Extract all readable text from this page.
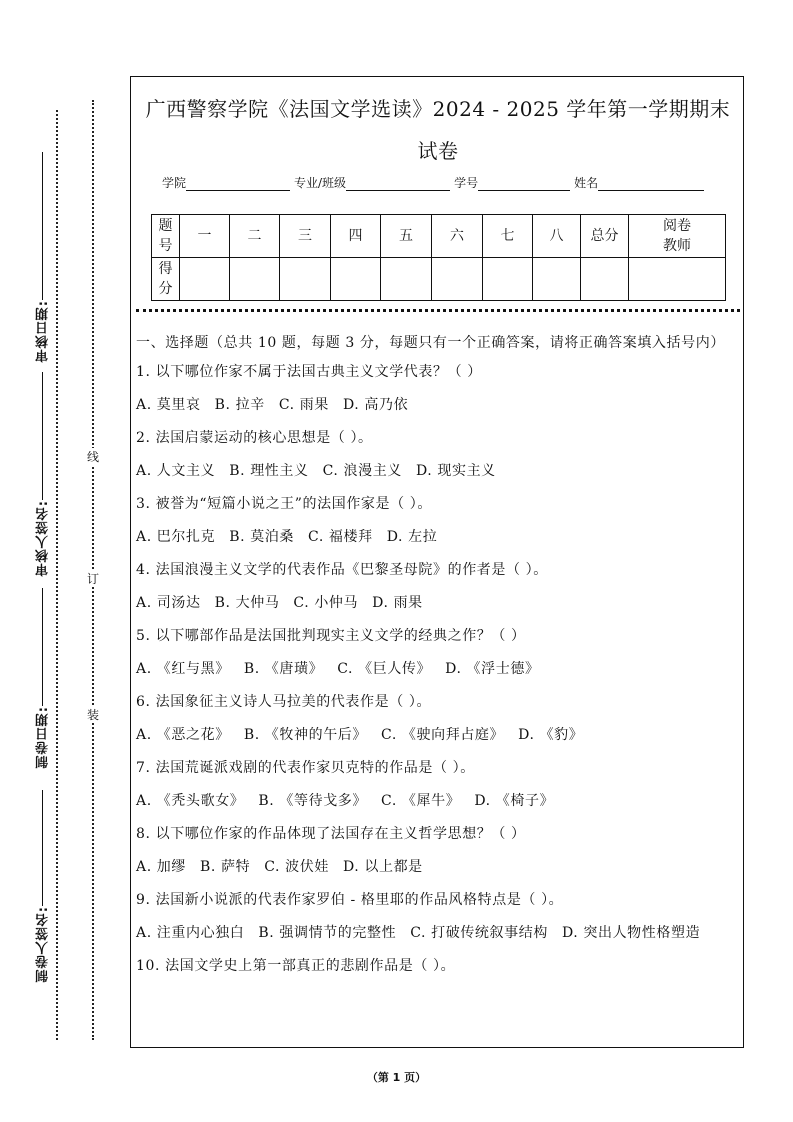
审核日期:
审核人签名:
制卷日期:
制卷人签名:
线
订
装
广西警察学院《法国文学选读》2024 - 2025 学年第一学期期末试卷
学院	专业/班级	学号	姓名
题号	一	二	三	四	五	六	七	八	总分	阅卷教师
得分										

一、选择题（总共 10 题，每题 3 分，每题只有一个正确答案，请将正确答案填入括号内）

1. 以下哪位作家不属于法国古典主义文学代表？（ ）

A. 莫里哀 B. 拉辛 C. 雨果 D. 高乃依

2. 法国启蒙运动的核心思想是（ ）。

A. 人文主义 B. 理性主义 C. 浪漫主义 D. 现实主义

3. 被誉为“短篇小说之王”的法国作家是（ ）。

A. 巴尔扎克 B. 莫泊桑 C. 福楼拜 D. 左拉

4. 法国浪漫主义文学的代表作品《巴黎圣母院》的作者是（ ）。

A. 司汤达 B. 大仲马 C. 小仲马 D. 雨果

5. 以下哪部作品是法国批判现实主义文学的经典之作？（ ）

A. 《红与黑》 B. 《唐璜》 C. 《巨人传》 D. 《浮士德》

6. 法国象征主义诗人马拉美的代表作是（ ）。

A. 《恶之花》 B. 《牧神的午后》 C. 《驶向拜占庭》 D. 《豹》

7. 法国荒诞派戏剧的代表作家贝克特的作品是（ ）。

A. 《秃头歌女》 B. 《等待戈多》 C. 《犀牛》 D. 《椅子》

8. 以下哪位作家的作品体现了法国存在主义哲学思想？（ ）

A. 加缪 B. 萨特 C. 波伏娃 D. 以上都是

9. 法国新小说派的代表作家罗伯 - 格里耶的作品风格特点是（ ）。

A. 注重内心独白 B. 强调情节的完整性 C. 打破传统叙事结构 D. 突出人物性格塑造

10. 法国文学史上第一部真正的悲剧作品是（ ）。

（第 1 页）
